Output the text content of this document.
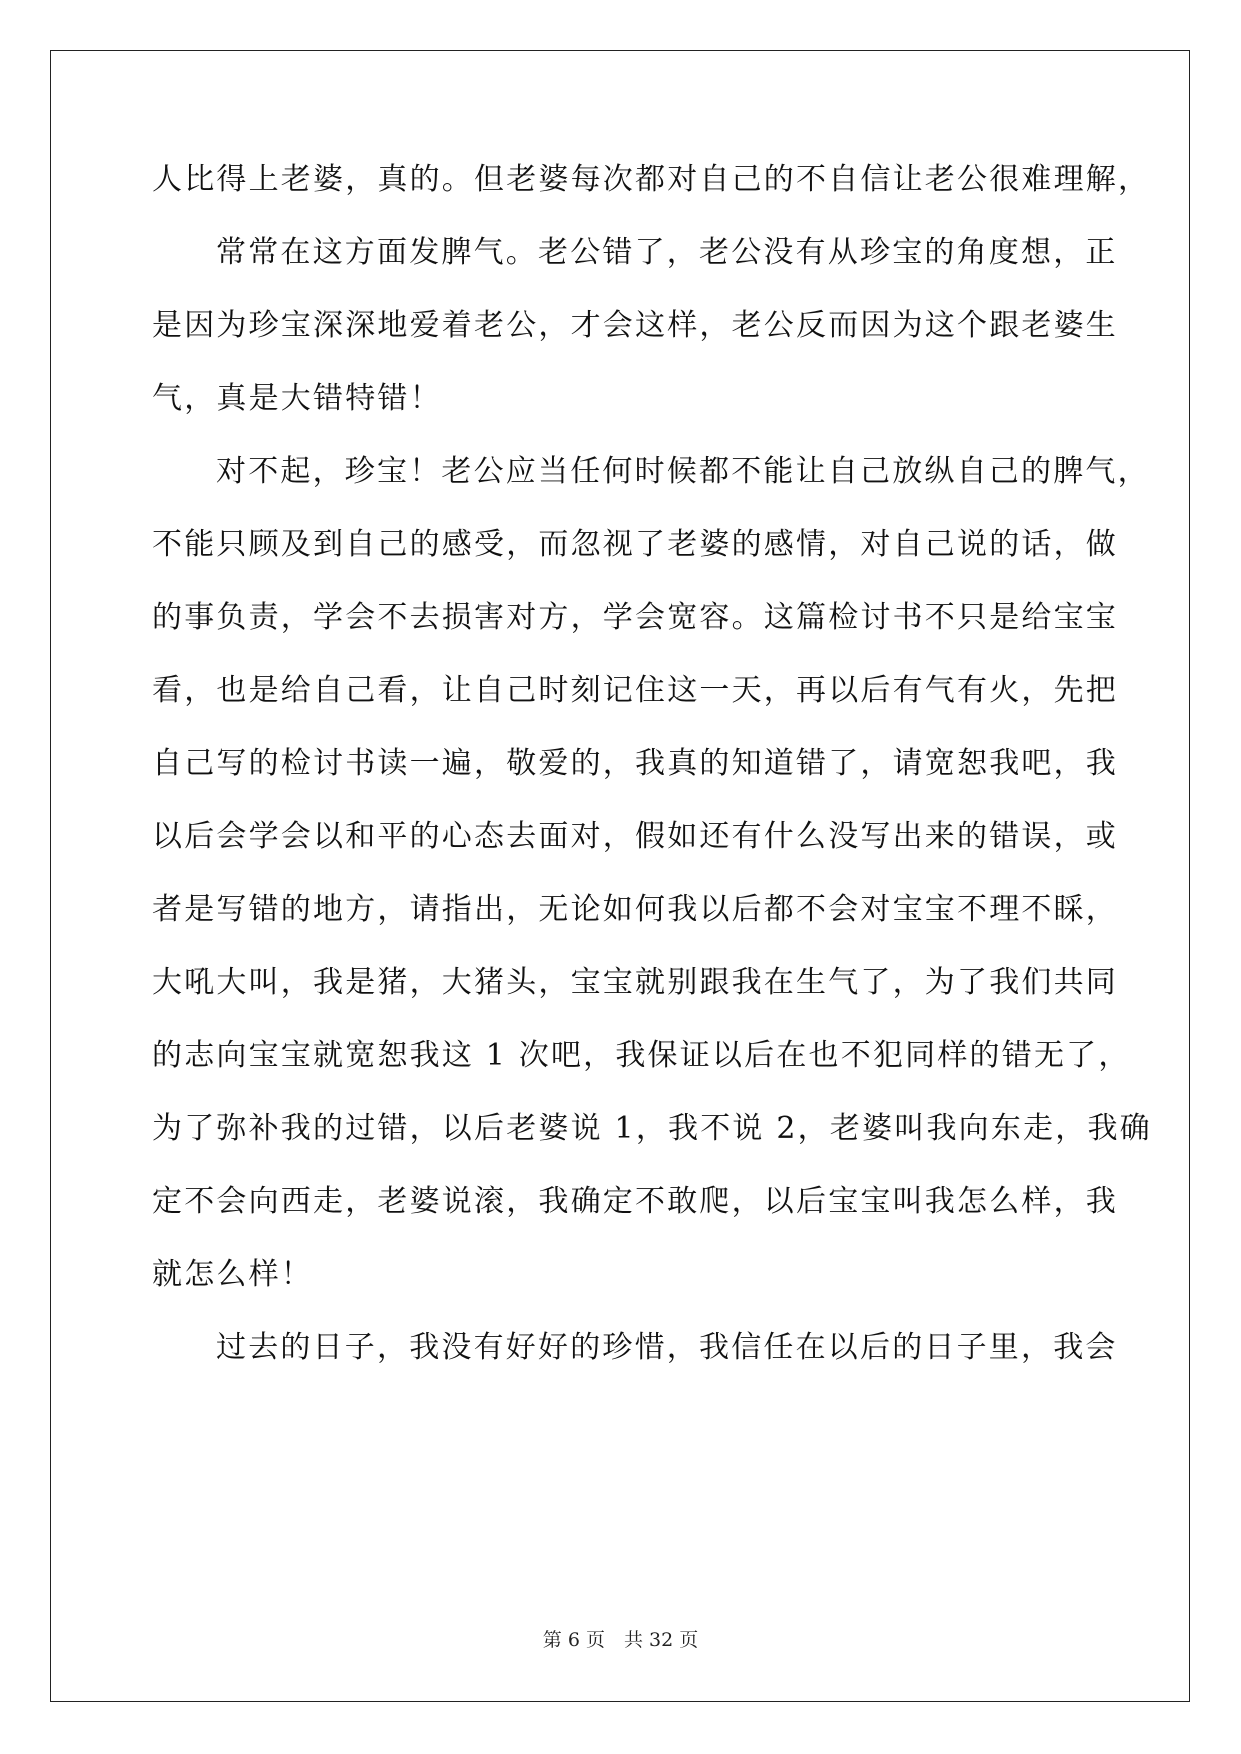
人比得上老婆，真的。但老婆每次都对自己的不自信让老公很难理解，
常常在这方面发脾气。老公错了，老公没有从珍宝的角度想，正
是因为珍宝深深地爱着老公，才会这样，老公反而因为这个跟老婆生
气，真是大错特错！
对不起，珍宝！老公应当任何时候都不能让自己放纵自己的脾气，
不能只顾及到自己的感受，而忽视了老婆的感情，对自己说的话，做
的事负责，学会不去损害对方，学会宽容。这篇检讨书不只是给宝宝
看，也是给自己看，让自己时刻记住这一天，再以后有气有火，先把
自己写的检讨书读一遍，敬爱的，我真的知道错了，请宽恕我吧，我
以后会学会以和平的心态去面对，假如还有什么没写出来的错误，或
者是写错的地方，请指出，无论如何我以后都不会对宝宝不理不睬，
大吼大叫，我是猪，大猪头，宝宝就别跟我在生气了，为了我们共同
的志向宝宝就宽恕我这 1 次吧，我保证以后在也不犯同样的错无了，
为了弥补我的过错，以后老婆说 1，我不说 2，老婆叫我向东走，我确
定不会向西走，老婆说滚，我确定不敢爬，以后宝宝叫我怎么样，我
就怎么样！
过去的日子，我没有好好的珍惜，我信任在以后的日子里，我会
第 6 页　共 32 页
